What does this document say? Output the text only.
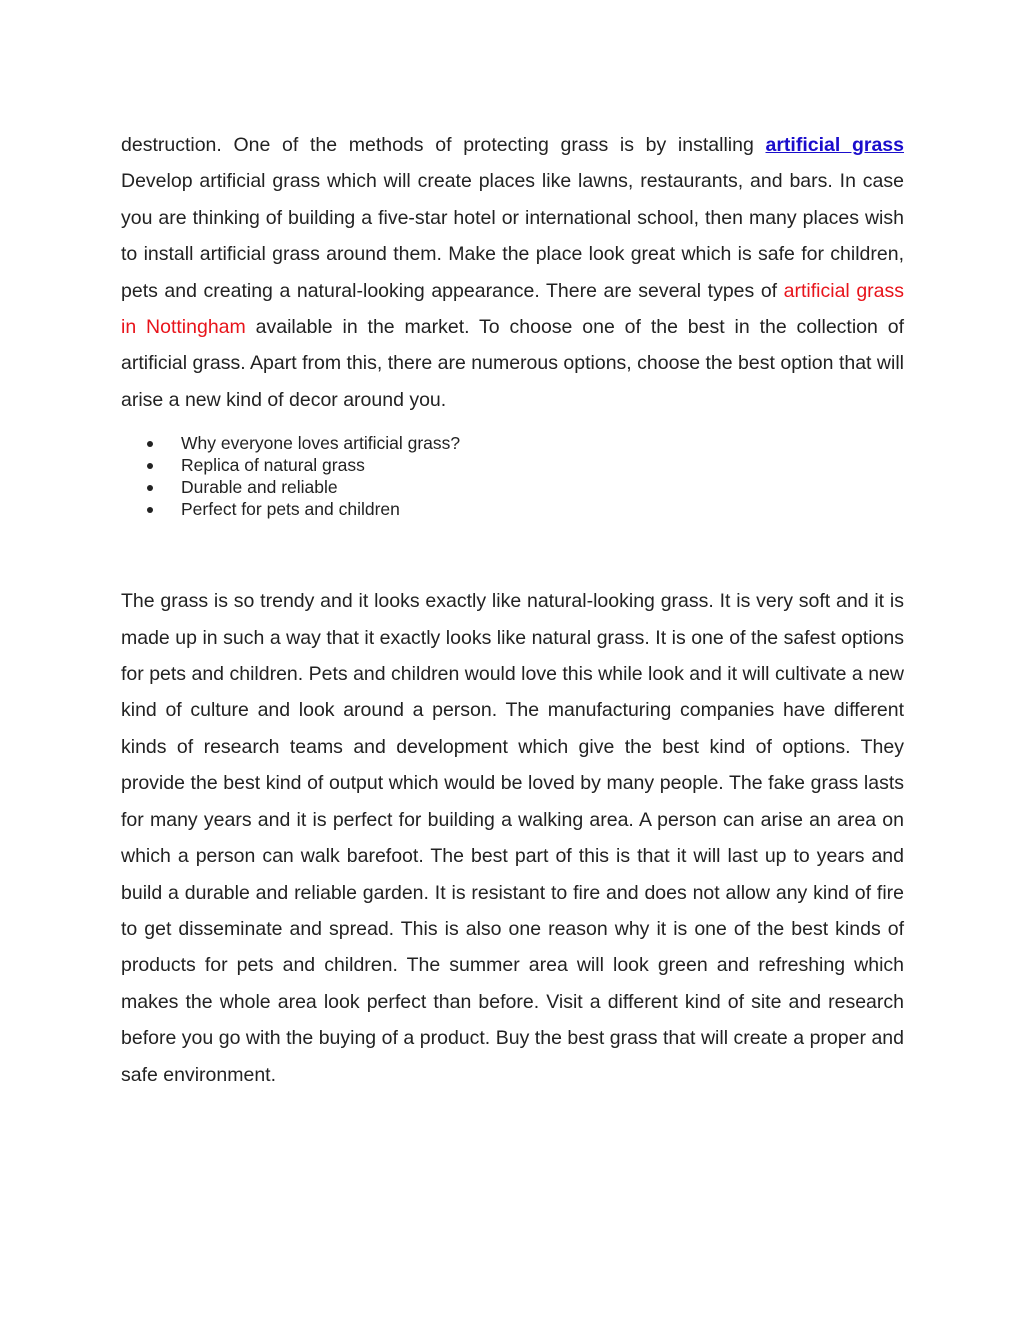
destruction. One of the methods of protecting grass is by installing artificial grass Develop artificial grass which will create places like lawns, restaurants, and bars. In case you are thinking of building a five-star hotel or international school, then many places wish to install artificial grass around them. Make the place look great which is safe for children, pets and creating a natural-looking appearance. There are several types of artificial grass in Nottingham available in the market. To choose one of the best in the collection of artificial grass. Apart from this, there are numerous options, choose the best option that will arise a new kind of decor around you.

Why everyone loves artificial grass?
Replica of natural grass
Durable and reliable
Perfect for pets and children

The grass is so trendy and it looks exactly like natural-looking grass. It is very soft and it is made up in such a way that it exactly looks like natural grass. It is one of the safest options for pets and children. Pets and children would love this while look and it will cultivate a new kind of culture and look around a person. The manufacturing companies have different kinds of research teams and development which give the best kind of options. They provide the best kind of output which would be loved by many people. The fake grass lasts for many years and it is perfect for building a walking area. A person can arise an area on which a person can walk barefoot. The best part of this is that it will last up to years and build a durable and reliable garden. It is resistant to fire and does not allow any kind of fire to get disseminate and spread. This is also one reason why it is one of the best kinds of products for pets and children. The summer area will look green and refreshing which makes the whole area look perfect than before. Visit a different kind of site and research before you go with the buying of a product. Buy the best grass that will create a proper and safe environment.
